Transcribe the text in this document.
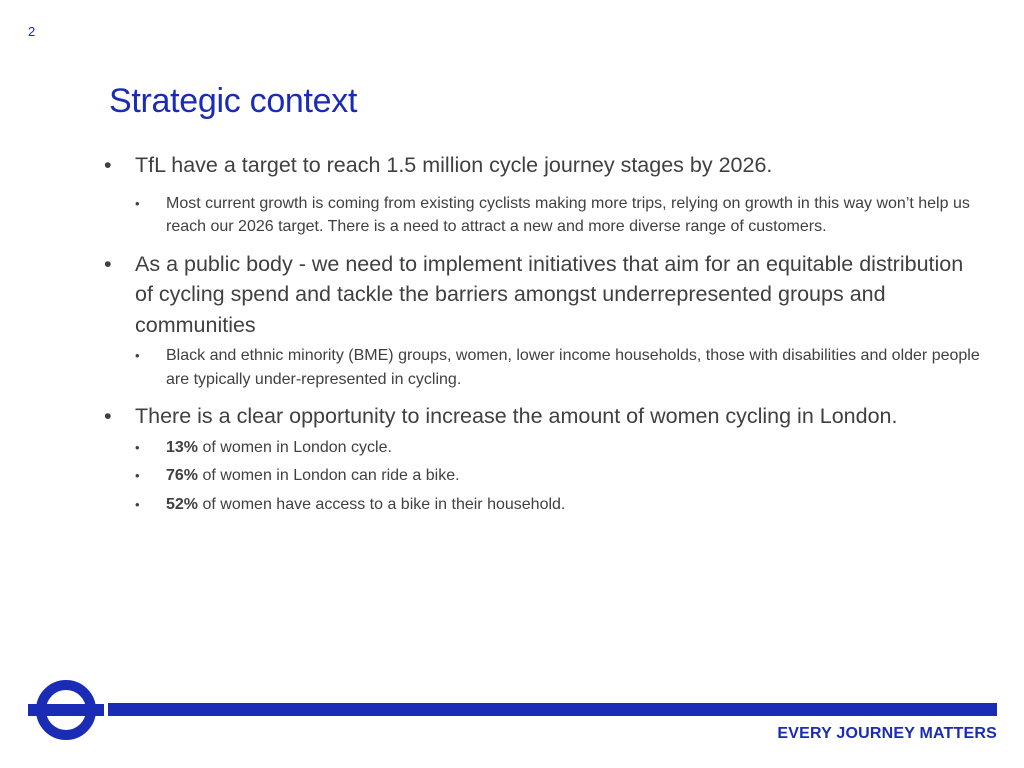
2
Strategic context
•	TfL have a target to reach 1.5 million cycle journey stages by 2026.
• Most current growth is coming from existing cyclists making more trips, relying on growth in this way won’t help us reach our 2026 target. There is a need to attract a new and more diverse range of customers.
•	As a public body - we need to implement initiatives that aim for an equitable distribution of cycling spend and tackle the barriers amongst underrepresented groups and communities
• Black and ethnic minority (BME) groups, women, lower income households, those with disabilities and older people are typically under-represented in cycling.
•	There is a clear opportunity to increase the amount of women cycling in London.
• 13% of women in London cycle.
• 76% of women in London can ride a bike.
• 52% of women have access to a bike in their household.
EVERY JOURNEY MATTERS
